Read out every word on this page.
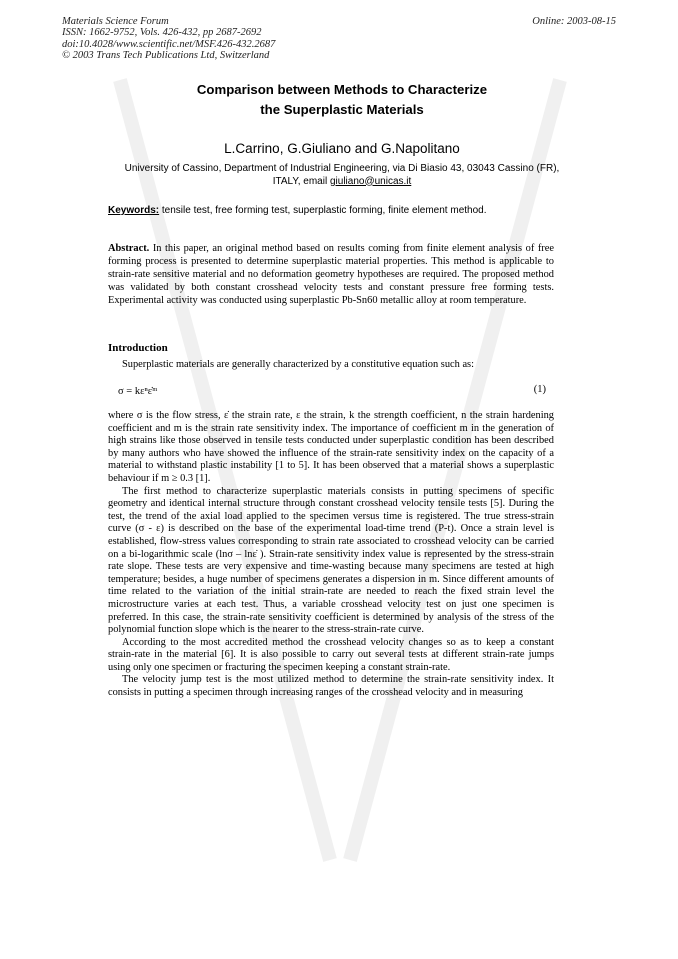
Materials Science Forum
ISSN: 1662-9752, Vols. 426-432, pp 2687-2692
doi:10.4028/www.scientific.net/MSF.426-432.2687
© 2003 Trans Tech Publications Ltd, Switzerland
Online: 2003-08-15
Comparison between Methods to Characterize
the Superplastic Materials
L.Carrino, G.Giuliano and G.Napolitano
University of Cassino, Department of Industrial Engineering, via Di Biasio 43, 03043 Cassino (FR),
ITALY, email giuliano@unicas.it
Keywords: tensile test, free forming test, superplastic forming, finite element method.
Abstract. In this paper, an original method based on results coming from finite element analysis of free forming process is presented to determine superplastic material properties. This method is applicable to strain-rate sensitive material and no deformation geometry hypotheses are required. The proposed method was validated by both constant crosshead velocity tests and constant pressure free forming tests. Experimental activity was conducted using superplastic Pb-Sn60 metallic alloy at room temperature.
Introduction

Superplastic materials are generally characterized by a constitutive equation such as:

σ = kεⁿε̇ᵐ	(1)

where σ is the flow stress, ε̇ the strain rate, ε the strain, k the strength coefficient, n the strain hardening coefficient and m is the strain rate sensitivity index. The importance of coefficient m in the generation of high strains like those observed in tensile tests conducted under superplastic condition has been described by many authors who have showed the influence of the strain-rate sensitivity index on the capacity of a material to withstand plastic instability [1 to 5]. It has been observed that a material shows a superplastic behaviour if m ≥ 0.3 [1].

The first method to characterize superplastic materials consists in putting specimens of specific geometry and identical internal structure through constant crosshead velocity tensile tests [5]. During the test, the trend of the axial load applied to the specimen versus time is registered. The true stress-strain curve (σ - ε) is described on the base of the experimental load-time trend (P-t). Once a strain level is established, flow-stress values corresponding to strain rate associated to crosshead velocity can be carried on a bi-logarithmic scale (lnσ – lnε̇ ). Strain-rate sensitivity index value is represented by the stress-strain rate slope. These tests are very expensive and time-wasting because many specimens are tested at high temperature; besides, a huge number of specimens generates a dispersion in m. Since different amounts of time related to the variation of the initial strain-rate are needed to reach the fixed strain level the microstructure varies at each test. Thus, a variable crosshead velocity test on just one specimen is preferred. In this case, the strain-rate sensitivity coefficient is determined by analysis of the stress of the polynomial function slope which is the nearer to the stress-strain-rate curve.

According to the most accredited method the crosshead velocity changes so as to keep a constant strain-rate in the material [6]. It is also possible to carry out several tests at different strain-rate jumps using only one specimen or fracturing the specimen keeping a constant strain-rate.

The velocity jump test is the most utilized method to determine the strain-rate sensitivity index. It consists in putting a specimen through increasing ranges of the crosshead velocity and in measuring
